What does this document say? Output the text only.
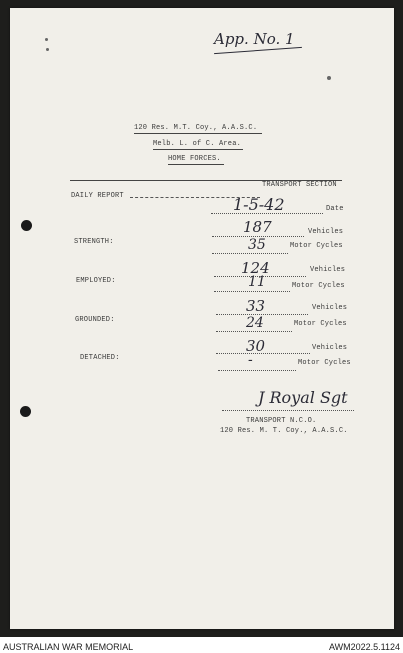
App. No. 1
120 Res. M.T. Coy., A.A.S.C.
Melb. L. of C. Area.
HOME FORCES.
DAILY REPORT
TRANSPORT SECTION
1-5-42	Date
STRENGTH:
187	Vehicles
35	Motor Cycles
EMPLOYED:
124	Vehicles
11	Motor Cycles
GROUNDED:
33	Vehicles
24	Motor Cycles
DETACHED:
30	Vehicles
-	Motor Cycles
J Royal Sgt
TRANSPORT N.C.O.
120 Res. M. T. Coy., A.A.S.C.
AUSTRALIAN WAR MEMORIAL	AWM2022.5.1124
